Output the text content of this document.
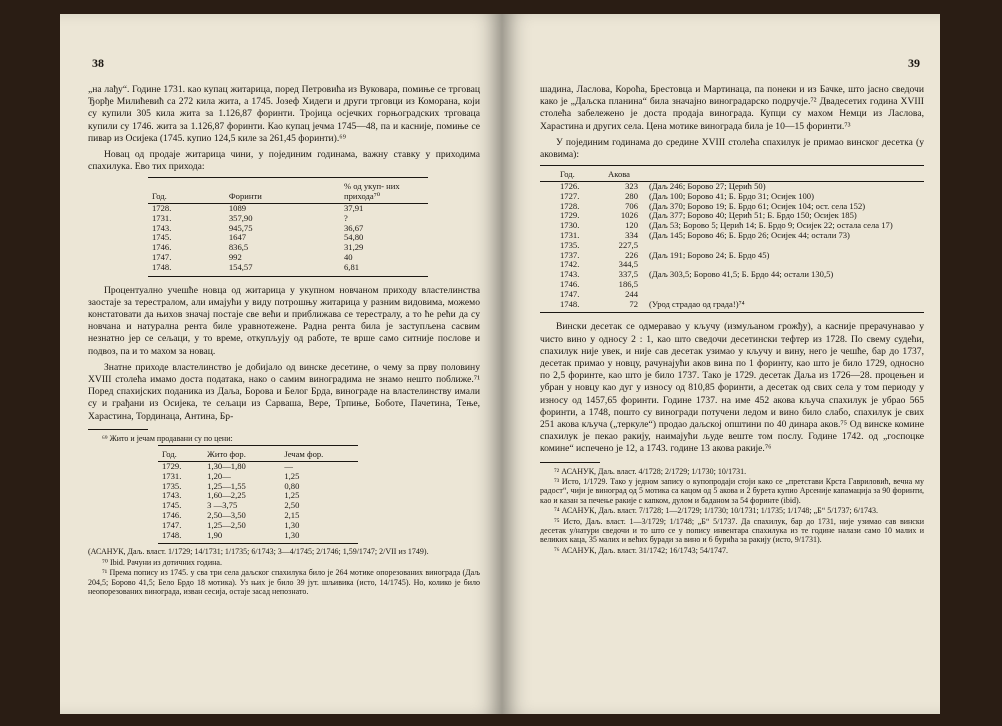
38

„на лађу“. Године 1731. као купац житарица, поред Петровића из Вуковара, помиње се трговац Ђорђе Милићевић са 272 кила жита, а 1745. Јозеф Хидеги и други трговци из Коморана, који су купили 305 кила жита за 1.126,87 форинти. Тројица осјечких горњоградских трговаца купили су 1746. жита за 1.126,87 форинти. Као купац јечма 1745—48, па и касније, помиње се пивар из Осијека (1745. купио 124,5 киле за 261,45 форинти).⁶⁹

Новац од продаје житарица чини, у појединим годинама, важну ставку у приходима спахилука. Ево тих прихода:

Год.	Форинти	% од укуп- них прихода⁷⁰
1728.	1089	37,91
1731.	357,90	?
1743.	945,75	36,67
1745.	1647	54,80
1746.	836,5	31,29
1747.	992	40
1748.	154,57	6,81

Процентуално учешће новца од житарица у укупном новчаном приходу властелинства заостаје за терестралом, али имајући у виду потрошњу житарица у разним видовима, можемо констатовати да њихов значај постаје све већи и приближава се терестралу, а то ће рећи да су новчана и натурална рента биле уравнотежене. Радна рента била је заступљена сасвим незнатно јер се сељаци, у то време, откупљују од работе, те врше само ситније послове и подвоз, па и то махом за новац.

Знатне приходе властелинство је добијало од винске десетине, о чему за прву половину XVIII столећа имамо доста података, нако о самим виноградима не знамо нешто поближе.⁷¹ Поред спахијских поданика из Даља, Борова и Белог Брда, винограде на властелинству имали су и грађани из Осијека, те сељаци из Сарваша, Вере, Трпиње, Боботе, Пачетина, Тење, Харастина, Тординаца, Антина, Бр-

⁶⁹ Жито и јечам продавани су по цени:

Год.	Жито фор.	Јечам фор.
1729.	1,30—1,80	—
1731.	1,20—	1,25
1735.	1,25—1,55	0,80
1743.	1,60—2,25	1,25
1745.	3 —3,75	2,50
1746.	2,50—3,50	2,15
1747.	1,25—2,50	1,30
1748.	1,90	1,30

(АСАНУК, Даљ. власт. 1/1729; 14/1731; 1/1735; 6/1743; 3—4/1745; 2/1746; 1,59/1747; 2/VII из 1749).

⁷⁰ Ibid. Рачуни из дотичних година.

⁷¹ Према попису из 1745. у сва три села даљског спахилука било је 264 мотике опорезованих винограда (Даљ 204,5; Борово 41,5; Бело Брдо 18 мотика). Уз њих је било 39 јут. шљивика (исто, 14/1745). Но, колико је било неопорезованих винограда, изван сесија, остаје засад непознато.

39

шадина, Ласлова, Короћа, Брестовца и Мартинаца, па понеки и из Бачке, што јасно сведочи како је „Даљска планина“ била значајно виноградарско подручје.⁷² Двадесетих година XVIII столећа забележено је доста продаја винограда. Купци су махом Немци из Ласлова, Харастина и других села. Цена мотике винограда била је 10—15 форинти.⁷³

У појединим годинама до средине XVIII столећа спахилук је примао винског десетка (у аковима):

Год.	Акова	
1726.	323	(Даљ 246; Борово 27; Церић 50)
1727.	280	(Даљ 100; Борово 41; Б. Брдо 31; Осијек 100)
1728.	706	(Даљ 370; Борово 19; Б. Брдо 61; Осијек 104; ост. села 152)
1729.	1026	(Даљ 377; Борово 40; Церић 51; Б. Брдо 150; Осијек 185)
1730.	120	(Даљ 53; Борово 5; Церић 14; Б. Брдо 9; Осијек 22; остала села 17)
1731.	334	(Даљ 145; Борово 46; Б. Брдо 26; Осијек 44; остали 73)
1735.	227,5	
1737.	226	(Даљ 191; Борово 24; Б. Брдо 45)
1742.	344,5	
1743.	337,5	(Даљ 303,5; Борово 41,5; Б. Брдо 44; остали 130,5)
1746.	186,5	
1747.	244	
1748.	72	(Урод страдао од града!)⁷⁴

Вински десетак се одмеравао у кључу (измуљаном грожђу), а касније прерачунавао у чисто вино у односу 2 : 1, као што сведочи десетински тефтер из 1728. По свему судећи, спахилук није увек, и није сав десетак узимао у кључу и вину, него је чешће, бар до 1737, десетак примао у новцу, рачунајући аков вина по 1 форинту, као што је било 1729, односно по 2,5 форинте, као што је било 1737. Тако је 1729. десетак Даља из 1726—28. процењен и убран у новцу као дуг у износу од 810,85 форинти, а десетак од свих села у том периоду у износу од 1457,65 форинти. Године 1737. на име 452 акова кључа спахилук је убрао 565 форинти, а 1748, пошто су виногради потучени ледом и вино било слабо, спахилук је свих 251 акова кључа („теркуле“) продао даљској општини по 40 динара аков.⁷⁵ Од винске комине спахилук је пекао ракију, наимајући људе веште том послу. Године 1742. од „госпоцке комине“ испечено је 12, а 1743. године 13 акова ракије.⁷⁶

⁷² АСАНУК, Даљ. власт. 4/1728; 2/1729; 1/1730; 10/1731.

⁷³ Исто, 1/1729. Тако у једном запису о купопродаји стоји како се „претстави Крста Гавриловић, вечна му радост“, чији је виноград од 5 мотика са кацом од 5 акова и 2 бурета купио Арсеније капамација за 90 форинти, као и казан за печење ракије с капком, дулом и баданом за 54 форинте (ibid).

⁷⁴ АСАНУК, Даљ. власт. 7/1728; 1—2/1729; 1/1730; 10/1731; 1/1735; 1/1748; „Б“ 5/1737; 6/1743.

⁷⁵ Исто, Даљ. власт. 1—3/1729; 1/1748; „Б“ 5/1737. Да спахилук, бар до 1731, није узимао сав вински десетак у/натури сведочи и то што се у попису инвентара спахилука из те године налази само 10 малих и великих каца, 35 малих и већих буради за вино и 6 бурића за ракију (исто, 9/1731).

⁷⁶ АСАНУК, Даљ. власт. 31/1742; 16/1743; 54/1747.
